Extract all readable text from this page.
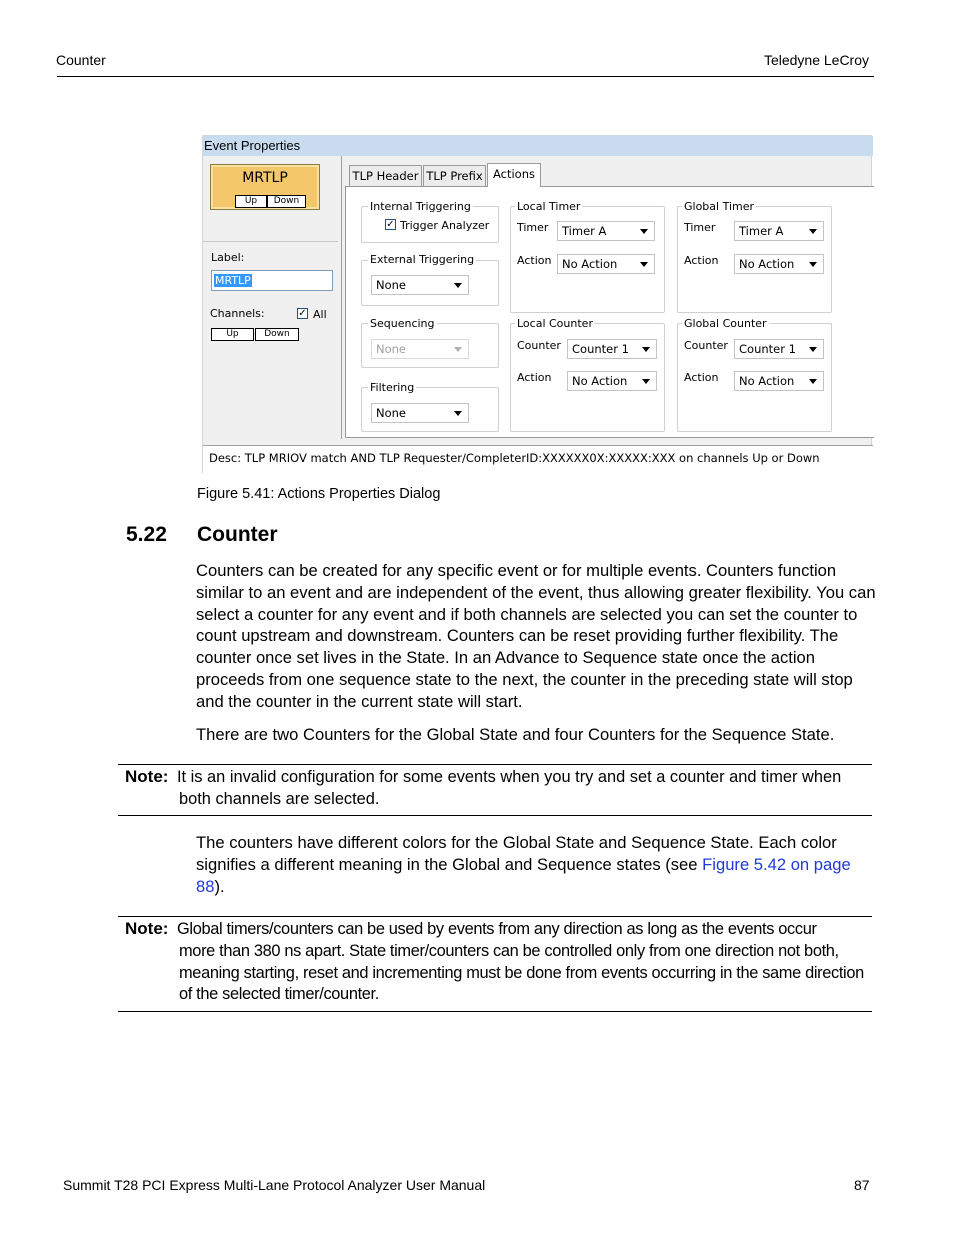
Counter	Teledyne LeCroy
Event Properties
MRTLP
Up	Down
Label:
MRTLP
Channels:	✓ All
Up	Down
TLP Header TLP Prefix Actions
Internal Triggering
✓ Trigger Analyzer
External Triggering
None
Sequencing
None
Filtering
None
Local Timer
Timer	Timer A
Action No Action
Global Timer
Timer	Timer A
Action	No Action
Local Counter
Counter Counter 1
Action	No Action
Global Counter
Counter Counter 1
Action	No Action
Desc: TLP MRIOV match AND TLP Requester/CompleterID:XXXXXX0X:XXXXX:XXX on channels Up or Down
Figure 5.41: Actions Properties Dialog
5.22 Counter
Counters can be created for any specific event or for multiple events. Counters function similar to an event and are independent of the event, thus allowing greater flexibility. You can select a counter for any event and if both channels are selected you can set the counter to count upstream and downstream. Counters can be reset providing further flexibility. The counter once set lives in the State. In an Advance to Sequence state once the action proceeds from one sequence state to the next, the counter in the preceding state will stop and the counter in the current state will start.
There are two Counters for the Global State and four Counters for the Sequence State.
Note: It is an invalid configuration for some events when you try and set a counter and timer when
both channels are selected.
The counters have different colors for the Global State and Sequence State. Each color signifies a different meaning in the Global and Sequence states (see Figure 5.42 on page 88).
Note: Global timers/counters can be used by events from any direction as long as the events occur
more than 380 ns apart. State timer/counters can be controlled only from one direction not both, meaning starting, reset and incrementing must be done from events occurring in the same direction of the selected timer/counter.
Summit T28 PCI Express Multi-Lane Protocol Analyzer User Manual	87
